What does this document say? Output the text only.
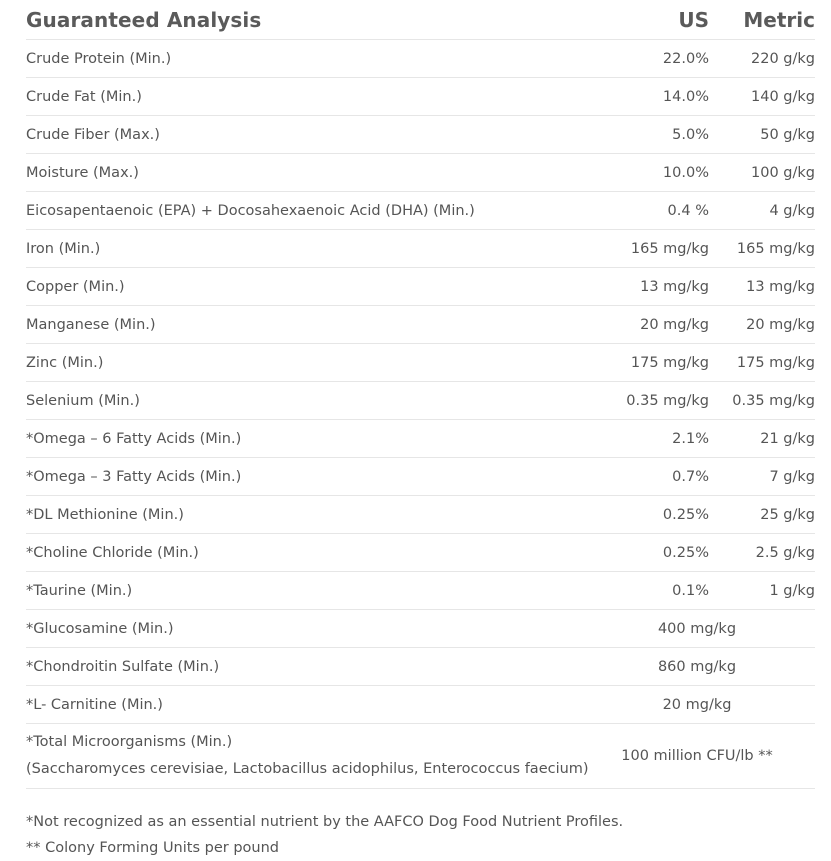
Guaranteed Analysis	US	Metric
Crude Protein (Min.)	22.0%	220 g/kg
Crude Fat (Min.)	14.0%	140 g/kg
Crude Fiber (Max.)	5.0%	50 g/kg
Moisture (Max.)	10.0%	100 g/kg
Eicosapentaenoic (EPA) + Docosahexaenoic Acid (DHA) (Min.)	0.4 %	4 g/kg
Iron (Min.)	165 mg/kg	165 mg/kg
Copper (Min.)	13 mg/kg	13 mg/kg
Manganese (Min.)	20 mg/kg	20 mg/kg
Zinc (Min.)	175 mg/kg	175 mg/kg
Selenium (Min.)	0.35 mg/kg	0.35 mg/kg
*Omega – 6 Fatty Acids (Min.)	2.1%	21 g/kg
*Omega – 3 Fatty Acids (Min.)	0.7%	7 g/kg
*DL Methionine (Min.)	0.25%	25 g/kg
*Choline Chloride (Min.)	0.25%	2.5 g/kg
*Taurine (Min.)	0.1%	1 g/kg
*Glucosamine (Min.)	400 mg/kg
*Chondroitin Sulfate (Min.)	860 mg/kg
*L- Carnitine (Min.)	20 mg/kg
*Total Microorganisms (Min.)
(Saccharomyces cerevisiae, Lactobacillus acidophilus, Enterococcus faecium)
100 million CFU/lb **
*Not recognized as an essential nutrient by the AAFCO Dog Food Nutrient Profiles.
** Colony Forming Units per pound
